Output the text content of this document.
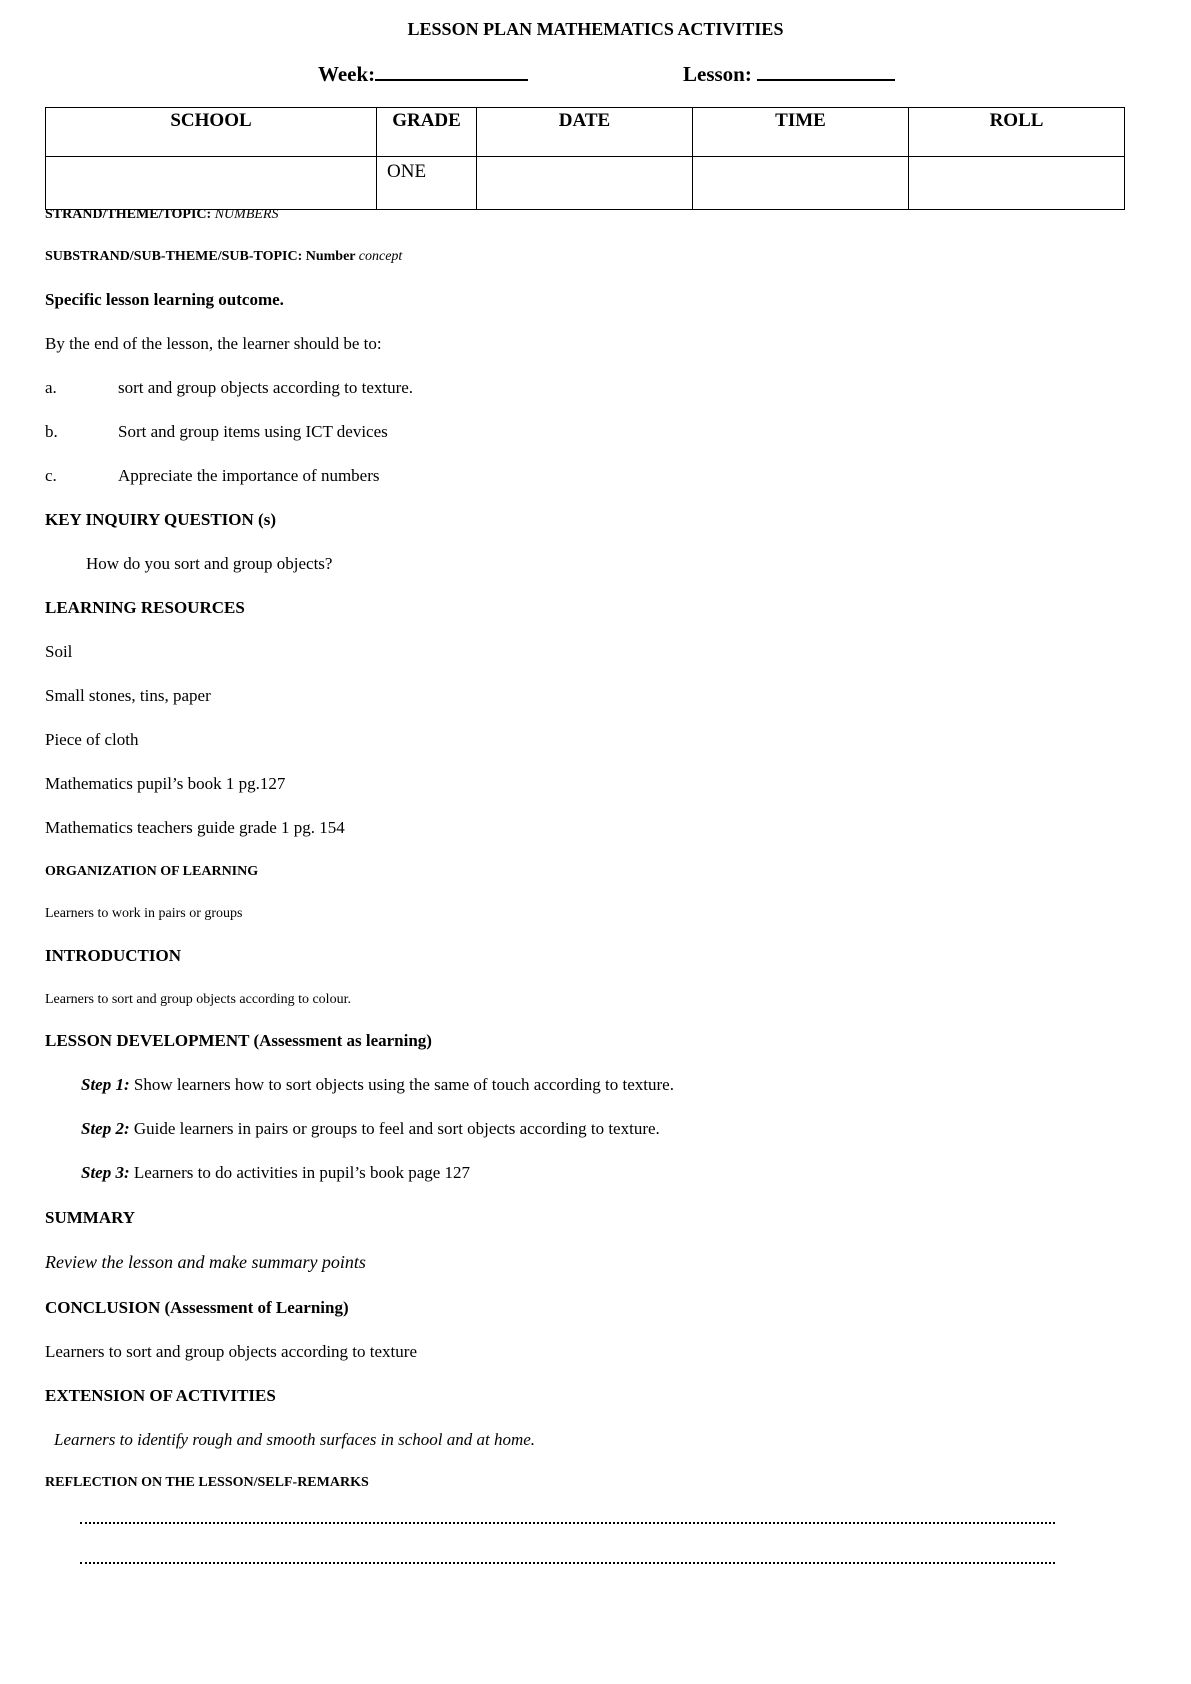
LESSON PLAN MATHEMATICS ACTIVITIES
Week:	Lesson:
SCHOOL	GRADE	DATE	TIME	ROLL
	ONE			
STRAND/THEME/TOPIC: NUMBERS
SUBSTRAND/SUB-THEME/SUB-TOPIC: Number concept
Specific lesson learning outcome.
By the end of the lesson, the learner should be to:
a.	sort and group objects according to texture.
b.	Sort and group items using ICT devices
c.	Appreciate the importance of numbers
KEY INQUIRY QUESTION (s)
How do you sort and group objects?
LEARNING RESOURCES
Soil
Small stones, tins, paper
Piece of cloth
Mathematics pupil’s book 1 pg.127
Mathematics teachers guide grade 1 pg. 154
ORGANIZATION OF LEARNING
Learners to work in pairs or groups
INTRODUCTION
Learners to sort and group objects according to colour.
LESSON DEVELOPMENT (Assessment as learning)
Step 1: Show learners how to sort objects using the same of touch according to texture.
Step 2: Guide learners in pairs or groups to feel and sort objects according to texture.
Step 3: Learners to do activities in pupil’s book page 127
SUMMARY
Review the lesson and make summary points
CONCLUSION (Assessment of Learning)
Learners to sort and group objects according to texture
EXTENSION OF ACTIVITIES
Learners to identify rough and smooth surfaces in school and at home.
REFLECTION ON THE LESSON/SELF-REMARKS
